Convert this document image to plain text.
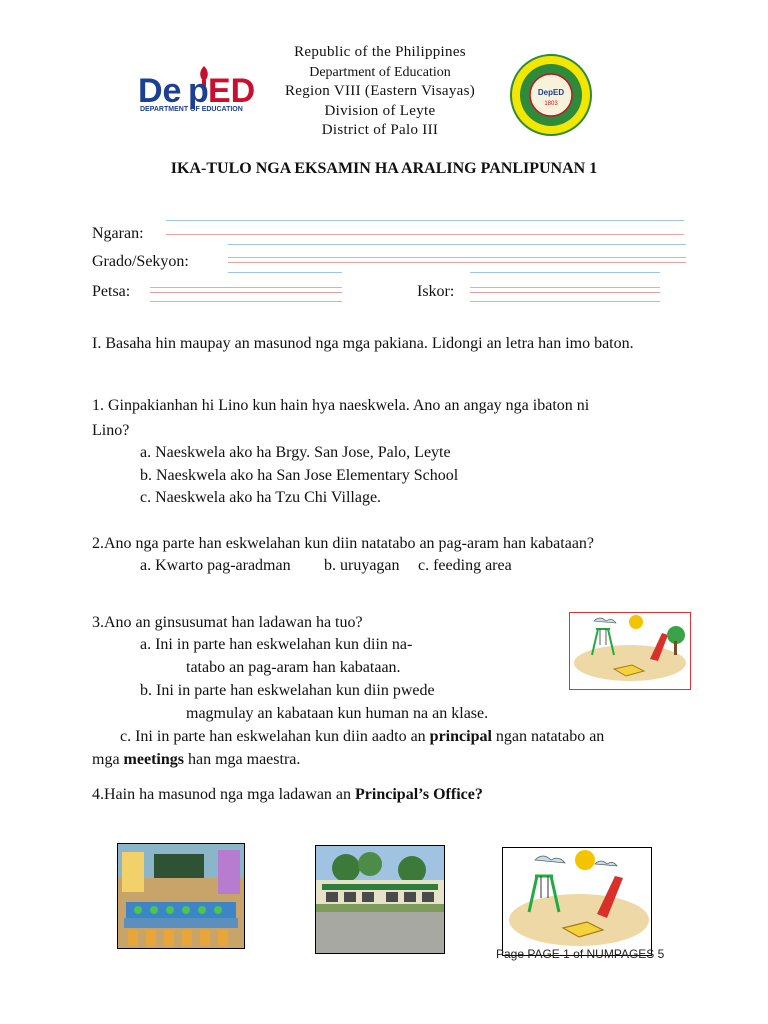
De p ED
DEPARTMENT OF EDUCATION
Republic of the Philippines
Department of Education
Region VIII (Eastern Visayas)
Division of Leyte
District of Palo III
DepED
1803
IKA-TULO NGA EKSAMIN HA ARALING PANLIPUNAN 1
Ngaran:
Grado/Sekyon:
Petsa:	Iskor:
I. Basaha hin maupay an masunod nga mga pakiana. Lidongi an letra han imo baton.
1. Ginpakianhan hi Lino kun hain hya naeskwela. Ano an angay nga ibaton ni
Lino?
a. Naeskwela ako ha Brgy. San Jose, Palo, Leyte
b. Naeskwela ako ha San Jose Elementary School
c. Naeskwela ako ha Tzu Chi Village.
2.Ano nga parte han eskwelahan kun diin natatabo an pag-aram han kabataan?
a. Kwarto pag-aradman b. uruyagan c. feeding area
3.Ano an ginsusumat han ladawan ha tuo?
a. Ini in parte han eskwelahan kun diin na-
tatabo an pag-aram han kabataan.
b. Ini in parte han eskwelahan kun diin pwede
magmulay an kabataan kun human na an klase.
c. Ini in parte han eskwelahan kun diin aadto an principal ngan natatabo an
mga meetings han mga maestra.
4.Hain ha masunod nga mga ladawan an Principal’s Office?
Page PAGE 1 of NUMPAGES 5
